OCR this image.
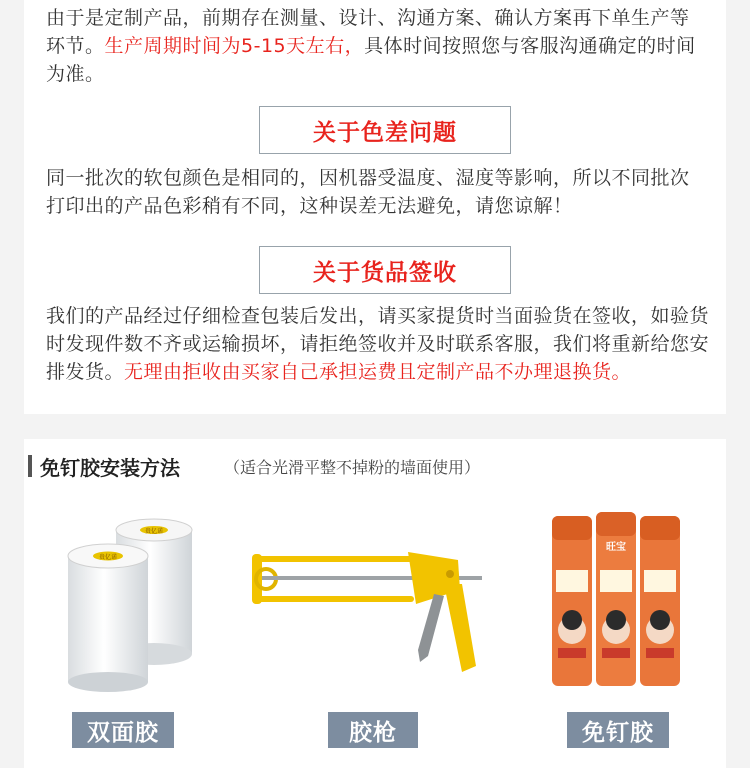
由于是定制产品，前期存在测量、设计、沟通方案、确认方案再下单生产等环节。生产周期时间为5-15天左右，具体时间按照您与客服沟通确定的时间为准。

关于色差问题

同一批次的软包颜色是相同的，因机器受温度、湿度等影响，所以不同批次打印出的产品色彩稍有不同，这种误差无法避免，请您谅解！

关于货品签收

我们的产品经过仔细检查包装后发出，请买家提货时当面验货在签收，如验货时发现件数不齐或运输损坏，请拒绝签收并及时联系客服，我们将重新给您安排发货。无理由拒收由买家自己承担运费且定制产品不办理退换货。

免钉胶安装方法	（适合光滑平整不掉粉的墙面使用）
贵亿诺
贵亿诺
旺宝
双面胶	胶枪	免钉胶
